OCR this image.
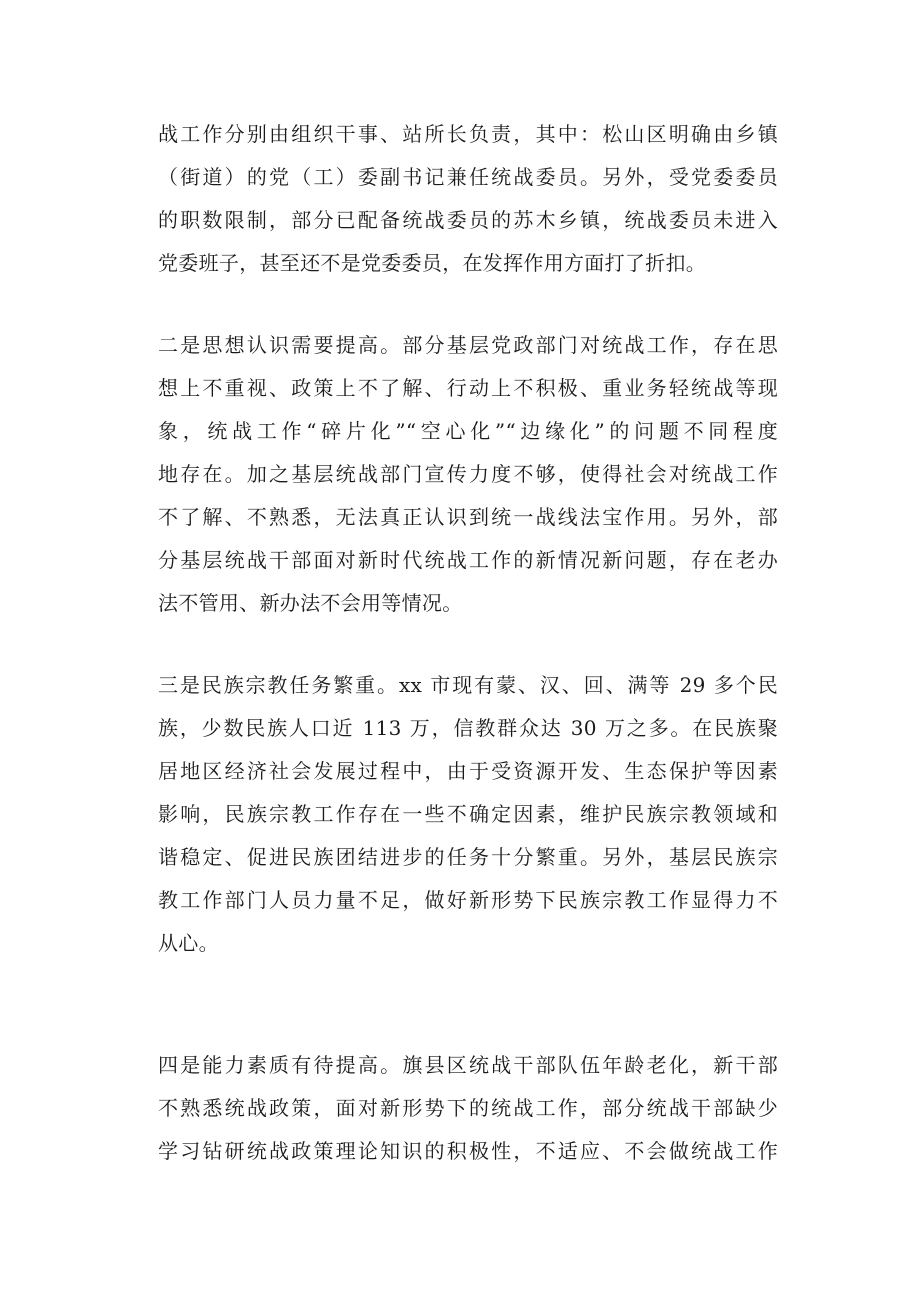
战工作分别由组织干事、站所长负责，其中：松山区明确由乡镇
（街道）的党（工）委副书记兼任统战委员。另外，受党委委员
的职数限制，部分已配备统战委员的苏木乡镇，统战委员未进入
党委班子，甚至还不是党委委员，在发挥作用方面打了折扣。
二是思想认识需要提高。部分基层党政部门对统战工作，存在思
想上不重视、政策上不了解、行动上不积极、重业务轻统战等现
象，统战工作“碎片化”“空心化”“边缘化”的问题不同程度
地存在。加之基层统战部门宣传力度不够，使得社会对统战工作
不了解、不熟悉，无法真正认识到统一战线法宝作用。另外，部
分基层统战干部面对新时代统战工作的新情况新问题，存在老办
法不管用、新办法不会用等情况。
三是民族宗教任务繁重。xx 市现有蒙、汉、回、满等 29 多个民
族，少数民族人口近 113 万，信教群众达 30 万之多。在民族聚
居地区经济社会发展过程中，由于受资源开发、生态保护等因素
影响，民族宗教工作存在一些不确定因素，维护民族宗教领域和
谐稳定、促进民族团结进步的任务十分繁重。另外，基层民族宗
教工作部门人员力量不足，做好新形势下民族宗教工作显得力不
从心。
四是能力素质有待提高。旗县区统战干部队伍年龄老化，新干部
不熟悉统战政策，面对新形势下的统战工作，部分统战干部缺少
学习钻研统战政策理论知识的积极性，不适应、不会做统战工作
